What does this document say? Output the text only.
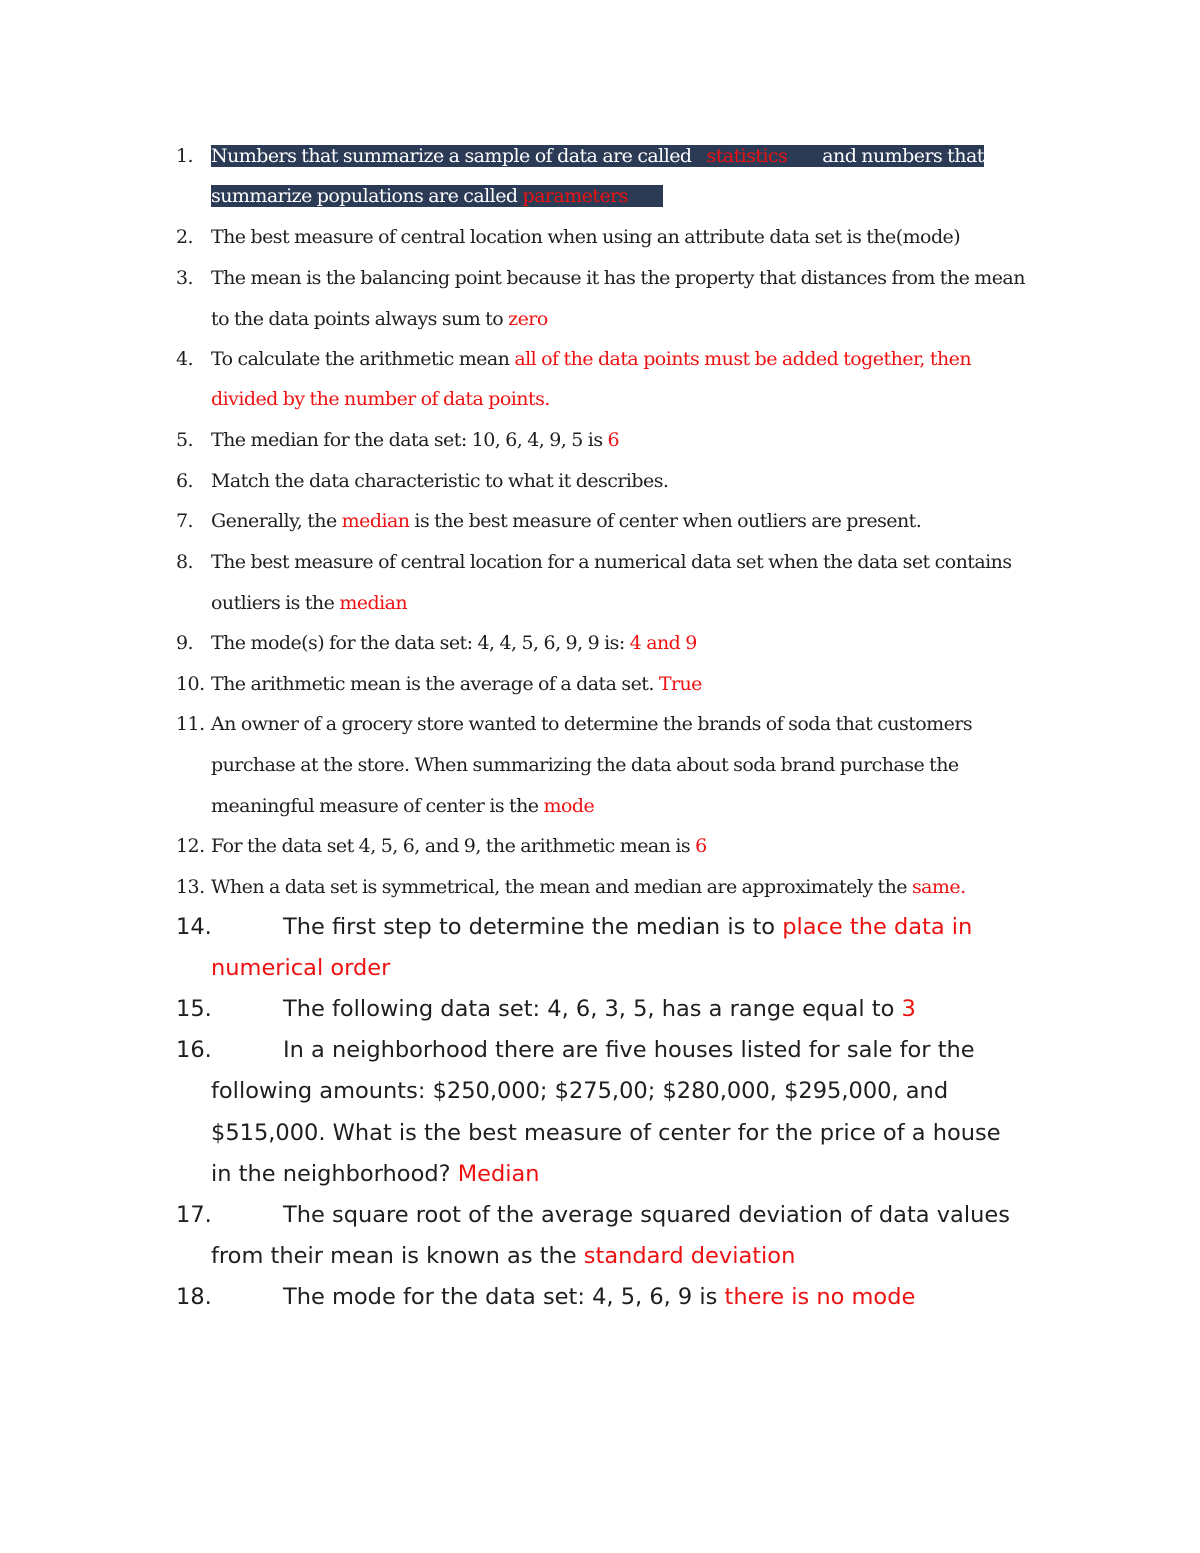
1. Numbers that summarize a sample of data are called   statistics       and numbers that
summarize populations are called parameters
2. The best measure of central location when using an attribute data set is the(mode)
3. The mean is the balancing point because it has the property that distances from the mean
to the data points always sum to zero
4. To calculate the arithmetic mean all of the data points must be added together, then
divided by the number of data points.
5. The median for the data set: 10, 6, 4, 9, 5 is 6
6. Match the data characteristic to what it describes.
7. Generally, the median is the best measure of center when outliers are present.
8. The best measure of central location for a numerical data set when the data set contains
outliers is the median
9. The mode(s) for the data set: 4, 4, 5, 6, 9, 9 is: 4 and 9
10. The arithmetic mean is the average of a data set. True
11. An owner of a grocery store wanted to determine the brands of soda that customers
purchase at the store. When summarizing the data about soda brand purchase the
meaningful measure of center is the mode
12. For the data set 4, 5, 6, and 9, the arithmetic mean is 6
13. When a data set is symmetrical, the mean and median are approximately the same.
14.	The first step to determine the median is to place the data in
numerical order
15.	The following data set: 4, 6, 3, 5, has a range equal to 3
16.	In a neighborhood there are five houses listed for sale for the
following amounts: $250,000; $275,00; $280,000, $295,000, and
$515,000. What is the best measure of center for the price of a house
in the neighborhood? Median
17.	The square root of the average squared deviation of data values
from their mean is known as the standard deviation
18.	The mode for the data set: 4, 5, 6, 9 is there is no mode
